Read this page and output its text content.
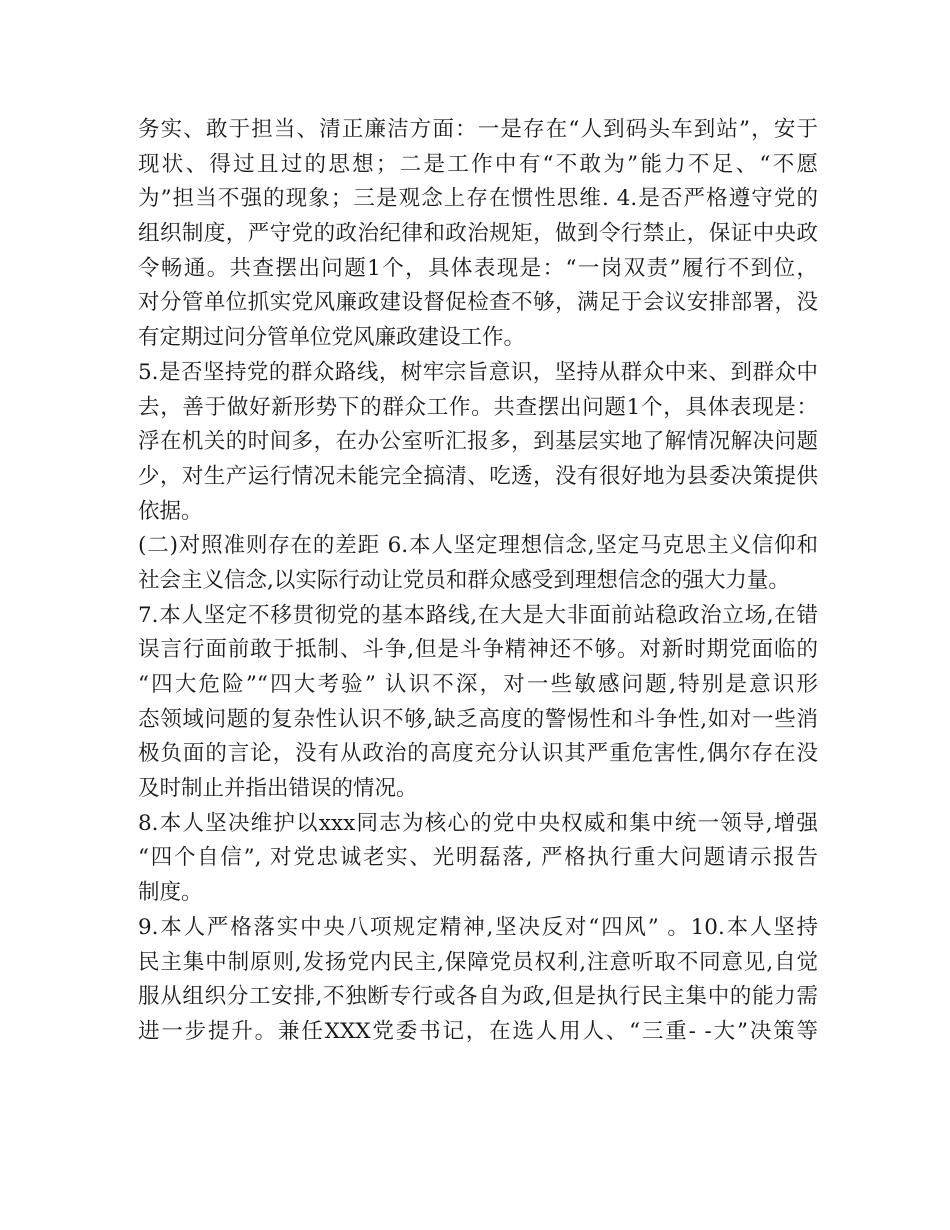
务实、敢于担当、清正廉洁方面：一是存在“人到码头车到站”，安于
现状、得过且过的思想；二是工作中有“不敢为”能力不足、“不愿
为”担当不强的现象；三是观念上存在惯性思维. 4.是否严格遵守党的
组织制度，严守党的政治纪律和政治规矩，做到令行禁止，保证中央政
令畅通。共查摆出问题1个，具体表现是：“一岗双责”履行不到位，
对分管单位抓实党风廉政建设督促检查不够，满足于会议安排部署，没
有定期过问分管单位党风廉政建设工作。
5.是否坚持党的群众路线，树牢宗旨意识，坚持从群众中来、到群众中
去，善于做好新形势下的群众工作。共查摆出问题1个，具体表现是：
浮在机关的时间多，在办公室听汇报多，到基层实地了解情况解决问题
少，对生产运行情况未能完全搞清、吃透，没有很好地为县委决策提供
依据。
(二)对照准则存在的差距 6.本人坚定理想信念,坚定马克思主义信仰和
社会主义信念,以实际行动让党员和群众感受到理想信念的强大力量。
7.本人坚定不移贯彻党的基本路线,在大是大非面前站稳政治立场,在错
误言行面前敢于抵制、斗争,但是斗争精神还不够。对新时期党面临的
“四大危险”“四大考验” 认识不深，对一些敏感问题,特别是意识形
态领域问题的复杂性认识不够,缺乏高度的警惕性和斗争性,如对一些消
极负面的言论，没有从政治的高度充分认识其严重危害性,偶尔存在没
及时制止并指出错误的情况。
8.本人坚决维护以xxx同志为核心的党中央权威和集中统一领导,增强
“四个自信”, 对党忠诚老实、光明磊落, 严格执行重大问题请示报告
制度。
9.本人严格落实中央八项规定精神,坚决反对“四风” 。10.本人坚持
民主集中制原则,发扬党内民主,保障党员权利,注意听取不同意见,自觉
服从组织分工安排,不独断专行或各自为政,但是执行民主集中的能力需
进一步提升。兼任XXX党委书记，在选人用人、“三重- -大”决策等
